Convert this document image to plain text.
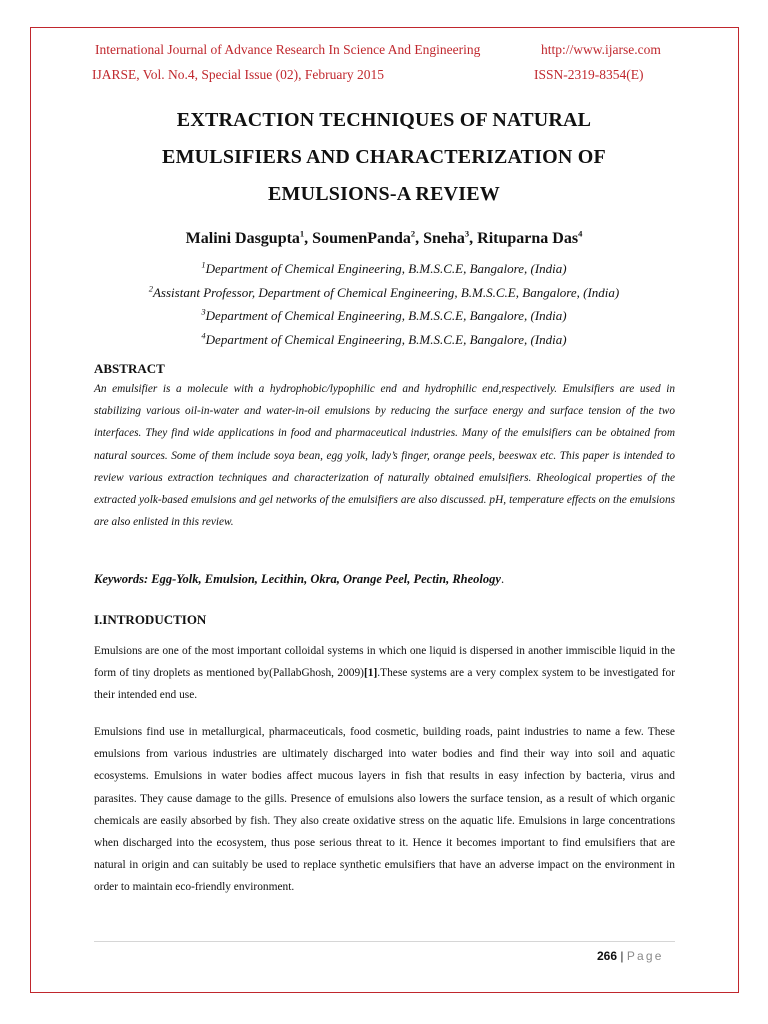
International Journal of Advance Research In Science And Engineering	http://www.ijarse.com
IJARSE, Vol. No.4, Special Issue (02), February 2015	ISSN-2319-8354(E)
EXTRACTION TECHNIQUES OF NATURAL
EMULSIFIERS AND CHARACTERIZATION OF
EMULSIONS-A REVIEW
Malini Dasgupta$^1$, SoumenPanda$^2$, Sneha$^3$, Rituparna Das$^4$
$^1$Department of Chemical Engineering, B.M.S.C.E, Bangalore, (India)
$^2$Assistant Professor, Department of Chemical Engineering, B.M.S.C.E, Bangalore, (India)
$^3$Department of Chemical Engineering, B.M.S.C.E, Bangalore, (India)
$^4$Department of Chemical Engineering, B.M.S.C.E, Bangalore, (India)
ABSTRACT
An emulsifier is a molecule with a hydrophobic/lypophilic end and hydrophilic end,respectively. Emulsifiers are used in stabilizing various oil-in-water and water-in-oil emulsions by reducing the surface energy and surface tension of the two interfaces. They find wide applications in food and pharmaceutical industries. Many of the emulsifiers can be obtained from natural sources. Some of them include soya bean, egg yolk, lady’s finger, orange peels, beeswax etc. This paper is intended to review various extraction techniques and characterization of naturally obtained emulsifiers. Rheological properties of the extracted yolk-based emulsions and gel networks of the emulsifiers are also discussed. pH, temperature effects on the emulsions are also enlisted in this review.
Keywords: Egg-Yolk, Emulsion, Lecithin, Okra, Orange Peel, Pectin, Rheology.
I.INTRODUCTION
Emulsions are one of the most important colloidal systems in which one liquid is dispersed in another immiscible liquid in the form of tiny droplets as mentioned by(PallabGhosh, 2009)[1].These systems are a very complex system to be investigated for their intended end use.
Emulsions find use in metallurgical, pharmaceuticals, food cosmetic, building roads, paint industries to name a few. These emulsions from various industries are ultimately discharged into water bodies and find their way into soil and aquatic ecosystems. Emulsions in water bodies affect mucous layers in fish that results in easy infection by bacteria, virus and parasites. They cause damage to the gills. Presence of emulsions also lowers the surface tension, as a result of which organic chemicals are easily absorbed by fish. They also create oxidative stress on the aquatic life. Emulsions in large concentrations when discharged into the ecosystem, thus pose serious threat to it. Hence it becomes important to find emulsifiers that are natural in origin and can suitably be used to replace synthetic emulsifiers that have an adverse impact on the environment in order to maintain eco-friendly environment.
266 | Page
